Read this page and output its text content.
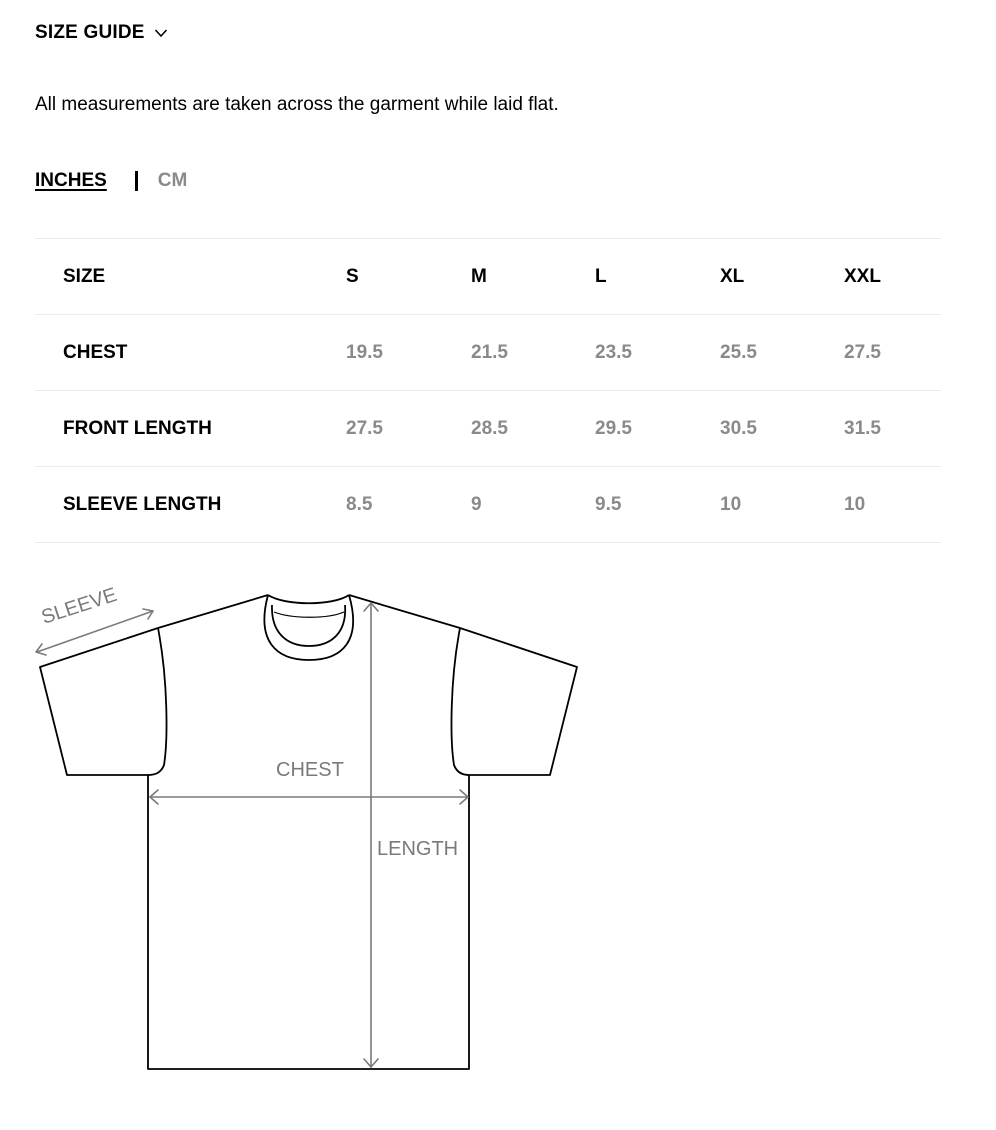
SIZE GUIDE

All measurements are taken across the garment while laid flat.

INCHES	CM
SIZE	S	M	L	XL	XXL
CHEST	19.5	21.5	23.5	25.5	27.5
FRONT LENGTH	27.5	28.5	29.5	30.5	31.5
SLEEVE LENGTH	8.5	9	9.5	10	10
SLEEVE
CHEST
LENGTH
